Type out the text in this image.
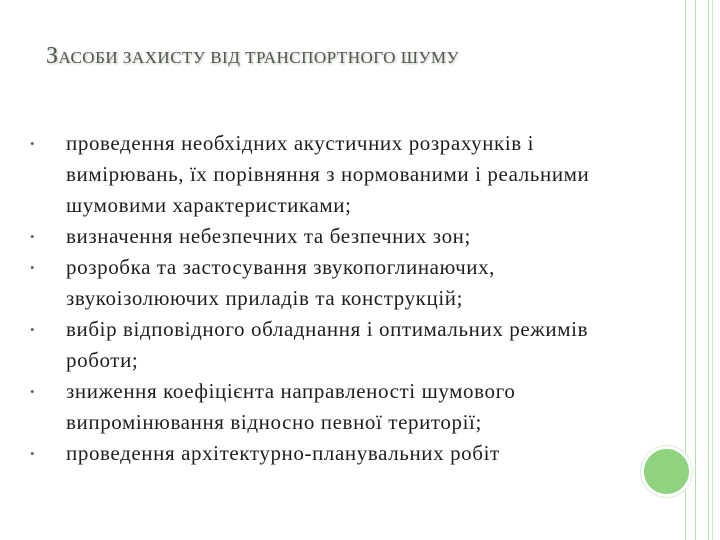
ЗАСОБИ ЗАХИСТУ ВІД ТРАНСПОРТНОГО ШУМУ
• проведення необхідних акустичних розрахунків і вимірювань, їх порівняння з нормованими і реальними шумовими характеристиками;
• визначення небезпечних та безпечних зон;
• розробка та застосування звукопоглинаючих, звукоізолюючих приладів та конструкцій;
• вибір відповідного обладнання і оптимальних режимів роботи;
• зниження коефіцієнта направленості шумового випромінювання відносно певної території;
• проведення архітектурно-планувальних робіт
